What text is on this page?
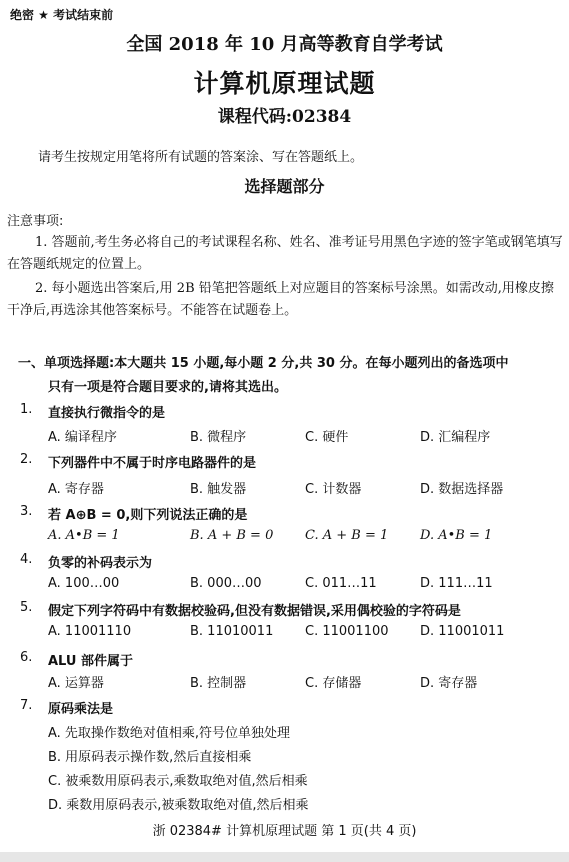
绝密 ★ 考试结束前
全国 2018 年 10 月高等教育自学考试
计算机原理试题
课程代码:02384
请考生按规定用笔将所有试题的答案涂、写在答题纸上。
选择题部分
注意事项:
1. 答题前,考生务必将自己的考试课程名称、姓名、准考证号用黑色字迹的签字笔或钢笔填写在答题纸规定的位置上。
2. 每小题选出答案后,用 2B 铅笔把答题纸上对应题目的答案标号涂黑。如需改动,用橡皮擦干净后,再选涂其他答案标号。不能答在试题卷上。
一、单项选择题:本大题共 15 小题,每小题 2 分,共 30 分。在每小题列出的备选项中
只有一项是符合题目要求的,请将其选出。
1. 直接执行微指令的是
A. 编译程序	B. 微程序	C. 硬件	D. 汇编程序
2. 下列器件中不属于时序电路器件的是
A. 寄存器	B. 触发器	C. 计数器	D. 数据选择器
3. 若 A⊕B = 0,则下列说法正确的是
A. A•B = 1	B. A + B = 0 C. A + B = 1 D. A•B = 1
4. 负零的补码表示为
A. 100…00	B. 000…00	C. 011…11	D. 111…11
5. 假定下列字符码中有数据校验码,但没有数据错误,采用偶校验的字符码是
A. 11001110	B. 11010011 C. 11001100 D. 11001011
6. ALU 部件属于
A. 运算器	B. 控制器	C. 存储器	D. 寄存器
7. 原码乘法是
A. 先取操作数绝对值相乘,符号位单独处理
B. 用原码表示操作数,然后直接相乘
C. 被乘数用原码表示,乘数取绝对值,然后相乘
D. 乘数用原码表示,被乘数取绝对值,然后相乘
浙 02384# 计算机原理试题 第 1 页(共 4 页)
